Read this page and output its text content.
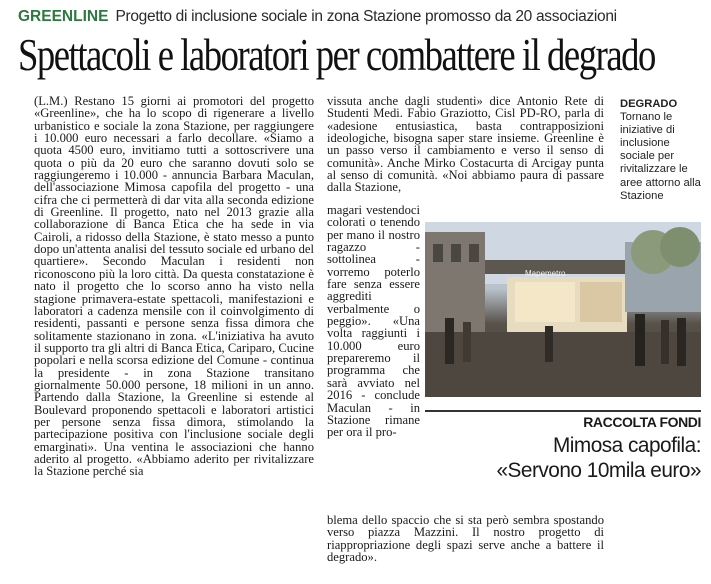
GREENLINE Progetto di inclusione sociale in zona Stazione promosso da 20 associazioni
Spettacoli e laboratori per combattere il degrado

(L.M.) Restano 15 giorni ai promotori del progetto «Greenline», che ha lo scopo di rigenerare a livello urbanistico e sociale la zona Stazione, per raggiungere i 10.000 euro necessari a farlo decollare. «Siamo a quota 4500 euro, invitiamo tutti a sottoscrivere una quota o più da 20 euro che saranno dovuti solo se raggiungeremo i 10.000 - annuncia Barbara Maculan, dell'associazione Mimosa capofila del progetto - una cifra che ci permetterà di dar vita alla seconda edizione di Greenline. Il progetto, nato nel 2013 grazie alla collaborazione di Banca Etica che ha sede in via Cairoli, a ridosso della Stazione, è stato messo a punto dopo un'attenta analisi del tessuto sociale ed urbano del quartiere». Secondo Maculan i residenti non riconoscono più la loro città. Da questa constatazione è nato il progetto che lo scorso anno ha visto nella stagione primavera-estate spettacoli, manifestazioni e laboratori a cadenza mensile con il coinvolgimento di residenti, passanti e persone senza fissa dimora che solitamente stazionano in zona. «L'iniziativa ha avuto il supporto tra gli altri di Banca Etica, Cariparo, Cucine popolari e nella scorsa edizione del Comune - continua la presidente - in zona Stazione transitano giornalmente 50.000 persone, 18 milioni in un anno. Partendo dalla Stazione, la Greenline si estende al Boulevard proponendo spettacoli e laboratori artistici per persone senza fissa dimora, stimolando la partecipazione positiva con l'inclusione sociale degli emarginati». Una ventina le associazioni che hanno aderito al progetto. «Abbiamo aderito per rivitalizzare la Stazione perché sia

vissuta anche dagli studenti» dice Antonio Rete di Studenti Medi. Fabio Graziotto, Cisl PD-RO, parla di «adesione entusiastica, basta contrapposizioni ideologiche, bisogna saper stare insieme. Greenline è un passo verso il cambiamento e verso il senso di comunità». Anche Mirko Costacurta di Arcigay punta al senso di comunità. «Noi abbiamo paura di passare dalla Stazione,

magari vestendoci colorati o tenendo per mano il nostro ragazzo - sottolinea - vorremo poterlo fare senza essere aggrediti verbalmente o peggio». «Una volta raggiunti i 10.000 euro prepareremo il programma che sarà avviato nel 2016 - conclude Maculan - in Stazione rimane per ora il pro-

blema dello spaccio che si sta però sembra spostando verso piazza Mazzini. Il nostro progetto di riappropriazione degli spazi serve anche a battere il degrado».

DEGRADO
Tornano le iniziative di inclusione sociale per rivitalizzare le aree attorno alla Stazione
Mapemetro
RACCOLTA FONDI
Mimosa capofila:
«Servono 10mila euro»
